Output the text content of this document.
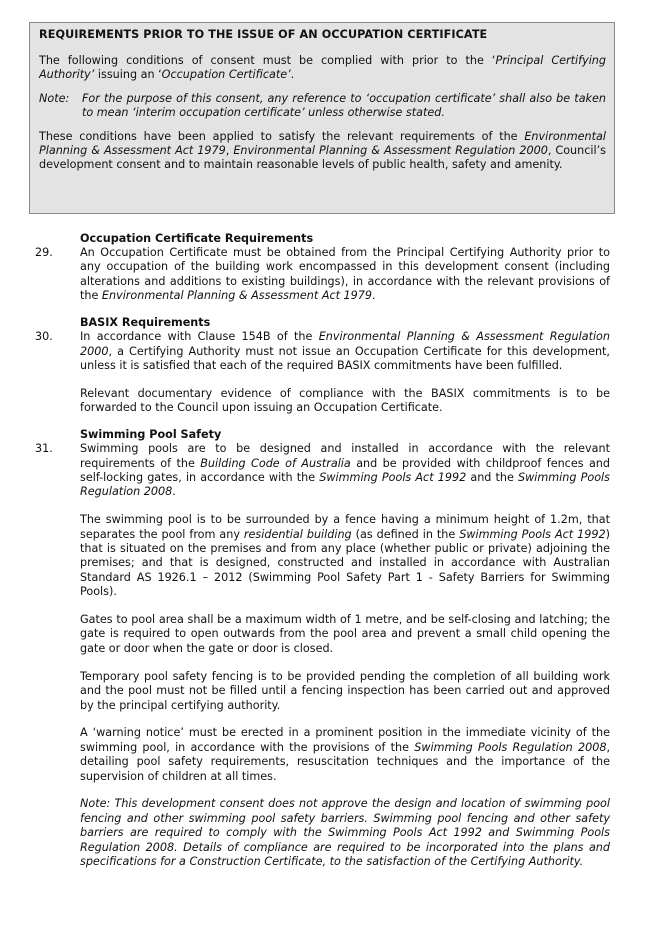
REQUIREMENTS PRIOR TO THE ISSUE OF AN OCCUPATION CERTIFICATE

The following conditions of consent must be complied with prior to the ‘Principal Certifying Authority’ issuing an ‘Occupation Certificate’.

Note:	For the purpose of this consent, any reference to ‘occupation certificate’ shall also be taken to mean ‘interim occupation certificate’ unless otherwise stated.

These conditions have been applied to satisfy the relevant requirements of the Environmental Planning & Assessment Act 1979, Environmental Planning & Assessment Regulation 2000, Council’s development consent and to maintain reasonable levels of public health, safety and amenity.

29.
Occupation Certificate Requirements

An Occupation Certificate must be obtained from the Principal Certifying Authority prior to any occupation of the building work encompassed in this development consent (including alterations and additions to existing buildings), in accordance with the relevant provisions of the Environmental Planning & Assessment Act 1979.

30.
BASIX Requirements

In accordance with Clause 154B of the Environmental Planning & Assessment Regulation 2000, a Certifying Authority must not issue an Occupation Certificate for this development, unless it is satisfied that each of the required BASIX commitments have been fulfilled.

Relevant documentary evidence of compliance with the BASIX commitments is to be forwarded to the Council upon issuing an Occupation Certificate.

31.
Swimming Pool Safety

Swimming pools are to be designed and installed in accordance with the relevant requirements of the Building Code of Australia and be provided with childproof fences and self-locking gates, in accordance with the Swimming Pools Act 1992 and the Swimming Pools Regulation 2008.

The swimming pool is to be surrounded by a fence having a minimum height of 1.2m, that separates the pool from any residential building (as defined in the Swimming Pools Act 1992) that is situated on the premises and from any place (whether public or private) adjoining the premises; and that is designed, constructed and installed in accordance with Australian Standard AS 1926.1 – 2012 (Swimming Pool Safety Part 1 - Safety Barriers for Swimming Pools).

Gates to pool area shall be a maximum width of 1 metre, and be self-closing and latching; the gate is required to open outwards from the pool area and prevent a small child opening the gate or door when the gate or door is closed.

Temporary pool safety fencing is to be provided pending the completion of all building work and the pool must not be filled until a fencing inspection has been carried out and approved by the principal certifying authority.

A ‘warning notice’ must be erected in a prominent position in the immediate vicinity of the swimming pool, in accordance with the provisions of the Swimming Pools Regulation 2008, detailing pool safety requirements, resuscitation techniques and the importance of the supervision of children at all times.

Note: This development consent does not approve the design and location of swimming pool fencing and other swimming pool safety barriers. Swimming pool fencing and other safety barriers are required to comply with the Swimming Pools Act 1992 and Swimming Pools Regulation 2008. Details of compliance are required to be incorporated into the plans and specifications for a Construction Certificate, to the satisfaction of the Certifying Authority.
